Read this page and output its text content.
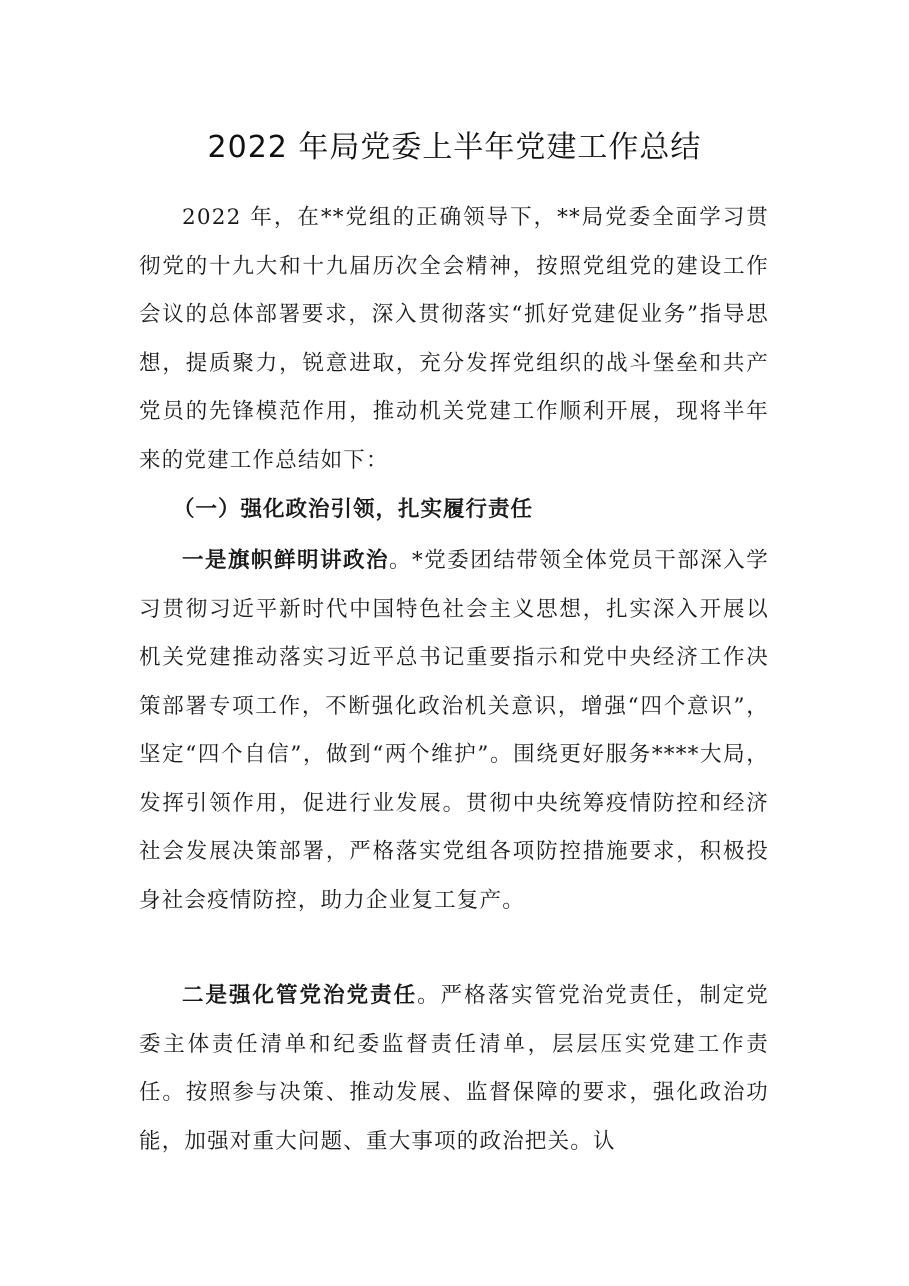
2022 年局党委上半年党建工作总结

2022 年，在**党组的正确领导下，**局党委全面学习贯彻党的十九大和十九届历次全会精神，按照党组党的建设工作会议的总体部署要求，深入贯彻落实“抓好党建促业务”指导思想，提质聚力，锐意进取，充分发挥党组织的战斗堡垒和共产党员的先锋模范作用，推动机关党建工作顺利开展，现将半年来的党建工作总结如下：

（一）强化政治引领，扎实履行责任

一是旗帜鲜明讲政治。*党委团结带领全体党员干部深入学习贯彻习近平新时代中国特色社会主义思想，扎实深入开展以机关党建推动落实习近平总书记重要指示和党中央经济工作决策部署专项工作，不断强化政治机关意识，增强“四个意识”，坚定“四个自信”，做到“两个维护”。围绕更好服务****大局，发挥引领作用，促进行业发展。贯彻中央统筹疫情防控和经济社会发展决策部署，严格落实党组各项防控措施要求，积极投身社会疫情防控，助力企业复工复产。

二是强化管党治党责任。严格落实管党治党责任，制定党委主体责任清单和纪委监督责任清单，层层压实党建工作责任。按照参与决策、推动发展、监督保障的要求，强化政治功能，加强对重大问题、重大事项的政治把关。认
